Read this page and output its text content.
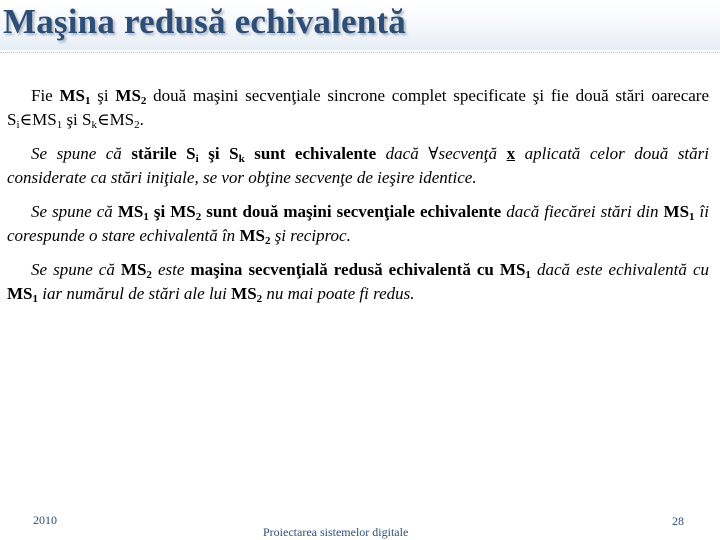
Maşina redusă echivalentă

Fie $MS_1$ şi $MS_2$ două maşini secvenţiale sincrone complet specificate şi fie două stări oarecare $S_i\in MS_1$ şi $S_k\in MS_2$.

Se spune că stările $S_i$ şi $S_k$ sunt echivalente dacă ∀secvenţă x aplicată celor două stări considerate ca stări iniţiale, se vor obţine secvenţe de ieşire identice.

Se spune că $MS_1$ şi $MS_2$ sunt două maşini secvenţiale echivalente dacă fiecărei stări din $MS_1$ îi corespunde o stare echivalentă în $MS_2$ şi reciproc.

Se spune că $MS_2$ este maşina secvenţială redusă echivalentă cu $MS_1$ dacă este echivalentă cu $MS_1$ iar numărul de stări ale lui $MS_2$ nu mai poate fi redus.

2010
Proiectarea sistemelor digitale
28
